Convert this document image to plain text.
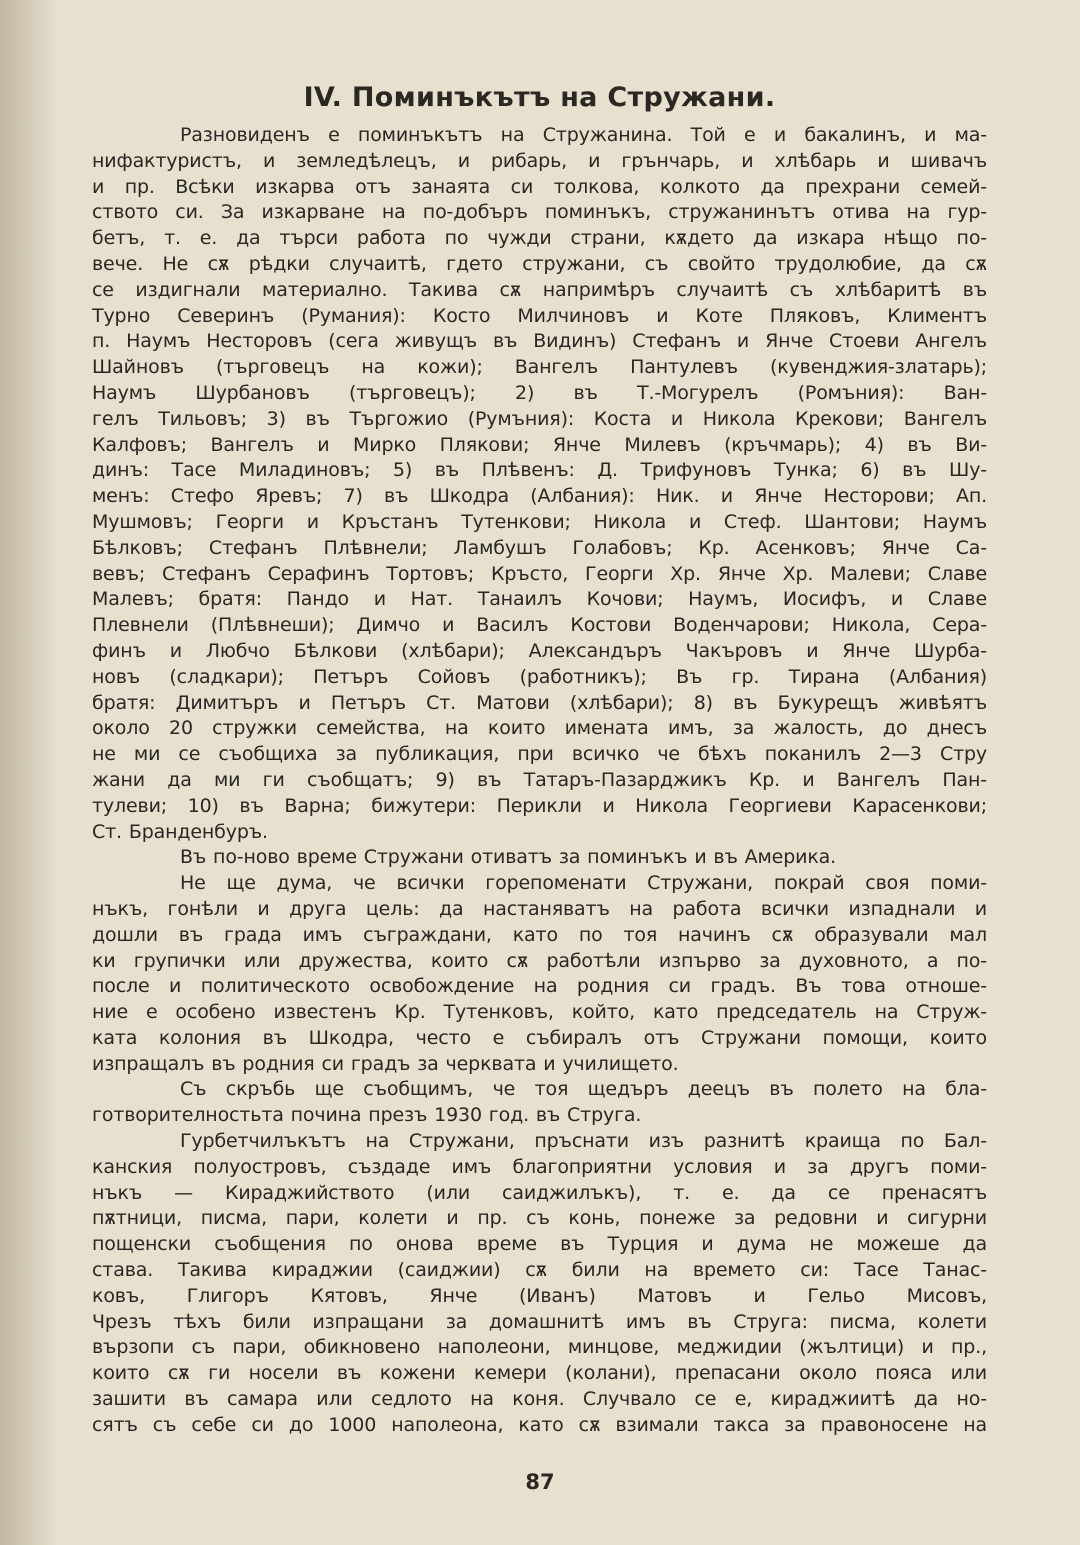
IV. Поминъкътъ на Стружани.
Разновиденъ е поминъкътъ на Стружанина. Той е и бакалинъ, и ма-
нифактуристъ, и земледѣлецъ, и рибарь, и грънчарь, и хлѣбарь и шивачъ
и пр. Всѣки изкарва отъ занаята си толкова, колкото да прехрани семей-
ството си. За изкарване на по-добъръ поминъкъ, стружанинътъ отива на гур-
бетъ, т. е. да търси работа по чужди страни, кѫдето да изкара нѣщо по-
вече. Не сѫ рѣдки случаитѣ, гдето стружани, съ свойто трудолюбие, да сѫ
се издигнали материално. Такива сѫ напримѣръ случаитѣ съ хлѣбаритѣ въ
Турно Северинъ (Румания): Косто Милчиновъ и Коте Пляковъ, Климентъ
п. Наумъ Несторовъ (сега живущъ въ Видинъ) Стефанъ и Янче Стоеви Ангелъ
Шайновъ (търговецъ на кожи); Вангелъ Пантулевъ (кувенджия-златарь);
Наумъ Шурбановъ (търговецъ); 2) въ Т.-Могурелъ (Ромъния): Ван-
гелъ Тильовъ; 3) въ Търгожио (Румъния): Коста и Никола Крекови; Вангелъ
Калфовъ; Вангелъ и Мирко Плякови; Янче Милевъ (кръчмарь); 4) въ Ви-
динъ: Тасе Миладиновъ; 5) въ Плѣвенъ: Д. Трифуновъ Тунка; 6) въ Шу-
менъ: Стефо Яревъ; 7) въ Шкодра (Албания): Ник. и Янче Несторови; Ап.
Мушмовъ; Георги и Кръстанъ Тутенкови; Никола и Стеф. Шантови; Наумъ
Бѣлковъ; Стефанъ Плѣвнели; Ламбушъ Голабовъ; Кр. Асенковъ; Янче Са-
вевъ; Стефанъ Серафинъ Тортовъ; Кръсто, Георги Хр. Янче Хр. Малеви; Славе
Малевъ; братя: Пандо и Нат. Танаилъ Кочови; Наумъ, Иосифъ, и Славе
Плевнели (Плѣвнеши); Димчо и Василъ Костови Воденчарови; Никола, Сера-
финъ и Любчо Бѣлкови (хлѣбари); Александъръ Чакъровъ и Янче Шурба-
новъ (сладкари); Петъръ Сойовъ (работникъ); Въ гр. Тирана (Албания)
братя: Димитъръ и Петъръ Ст. Матови (хлѣбари); 8) въ Букурещъ живѣятъ
около 20 стружки семейства, на които имената имъ, за жалость, до днесъ
не ми се съобщиха за публикация, при всичко че бѣхъ поканилъ 2—3 Стру
жани да ми ги съобщатъ; 9) въ Татаръ-Пазарджикъ Кр. и Вангелъ Пан-
тулеви; 10) въ Варна; бижутери: Перикли и Никола Георгиеви Карасенкови;
Ст. Бранденбуръ.
Въ по-ново време Стружани отиватъ за поминъкъ и въ Америка.
Не ще дума, че всички горепоменати Стружани, покрай своя поми-
нъкъ, гонѣли и друга цель: да настаняватъ на работа всички изпаднали и
дошли въ града имъ съграждани, като по тоя начинъ сѫ образували мал
ки групички или дружества, които сѫ работѣли изпърво за духовното, а по-
после и политическото освобождение на родния си градъ. Въ това отноше-
ние е особено известенъ Кр. Тутенковъ, който, като председатель на Струж-
ката колония въ Шкодра, често е събиралъ отъ Стружани помощи, които
изпращалъ въ родния си градъ за черквата и училището.
Съ скръбь ще съобщимъ, че тоя щедъръ деецъ въ полето на бла-
готворителностьта почина презъ 1930 год. въ Струга.
Гурбетчилъкътъ на Стружани, пръснати изъ разнитѣ краища по Бал-
канския полуостровъ, създаде имъ благоприятни условия и за другъ поми-
нъкъ — Кираджийството (или саиджилъкъ), т. е. да се пренасятъ
пѫтници, писма, пари, колети и пр. съ конь, понеже за редовни и сигурни
пощенски съобщения по онова време въ Турция и дума не можеше да
става. Такива кираджии (саиджии) сѫ били на времето си: Тасе Танас-
ковъ, Глигоръ Кятовъ, Янче (Иванъ) Матовъ и Гельо Мисовъ,
Чрезъ тѣхъ били изпращани за домашнитѣ имъ въ Струга: писма, колети
вързопи съ пари, обикновено наполеони, минцове, меджидии (жълтици) и пр.,
които сѫ ги носели въ кожени кемери (колани), препасани около пояса или
зашити въ самара или седлото на коня. Случвало се е, кираджиитѣ да но-
сятъ съ себе си до 1000 наполеона, като сѫ взимали такса за правоносене на
87
